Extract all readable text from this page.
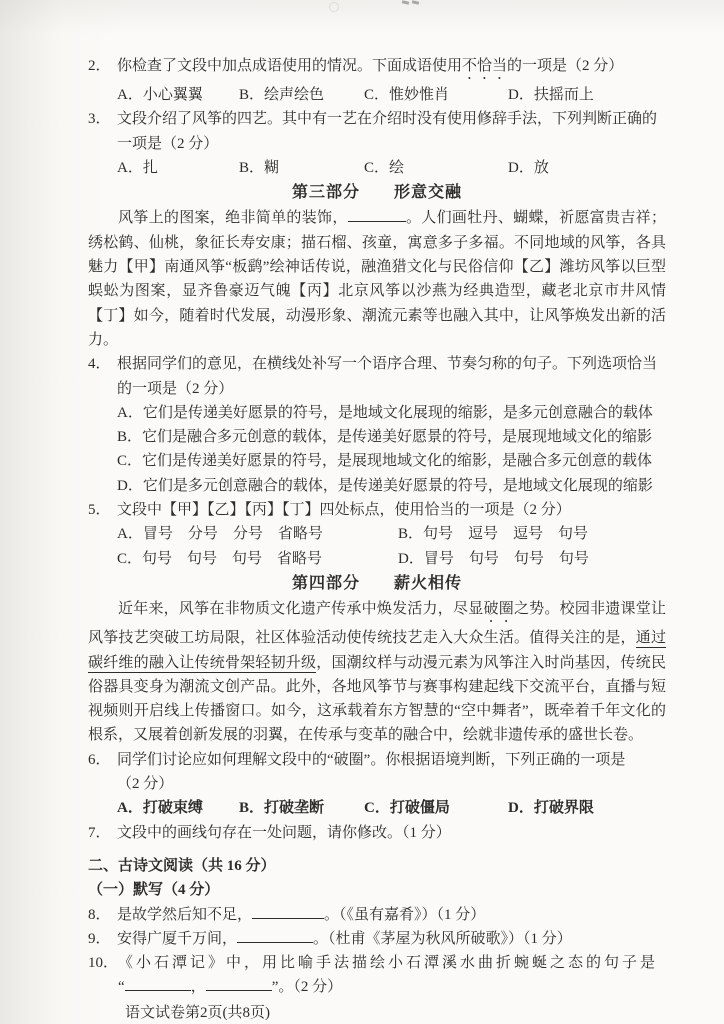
2． 你检查了文段中加点成语使用的情况。下面成语使用不恰当的一项是（2 分）
A．小心翼翼	B．绘声绘色	C．惟妙惟肖	D．扶摇而上
3． 文段介绍了风筝的四艺。其中有一艺在介绍时没有使用修辞手法，下列判断正确的
一项是（2 分）
A．扎	B．糊	C．绘	D．放
第三部分　　形意交融
风筝上的图案，绝非简单的装饰，	。人们画牡丹、蝴蝶，祈愿富贵吉祥；绣松鹤、仙桃，象征长寿安康；描石榴、孩童，寓意多子多福。不同地域的风筝，各具魅力【甲】南通风筝“板鹞”绘神话传说，融渔猎文化与民俗信仰【乙】潍坊风筝以巨型蜈蚣为图案，显齐鲁豪迈气魄【丙】北京风筝以沙燕为经典造型，藏老北京市井风情【丁】如今，随着时代发展，动漫形象、潮流元素等也融入其中，让风筝焕发出新的活力。
4． 根据同学们的意见，在横线处补写一个语序合理、节奏匀称的句子。下列选项恰当
的一项是（2 分）
A．它们是传递美好愿景的符号，是地域文化展现的缩影，是多元创意融合的载体
B．它们是融合多元创意的载体，是传递美好愿景的符号，是展现地域文化的缩影
C．它们是传递美好愿景的符号，是展现地域文化的缩影，是融合多元创意的载体
D．它们是多元创意融合的载体，是传递美好愿景的符号，是地域文化展现的缩影
5． 文段中【甲】【乙】【丙】【丁】四处标点，使用恰当的一项是（2 分）
A．冒号　分号　分号　省略号	B．句号　逗号　逗号　句号
C．句号　句号　句号　省略号	D．冒号　句号　句号　句号
第四部分　　薪火相传
近年来，风筝在非物质文化遗产传承中焕发活力，尽显破圈之势。校园非遗课堂让风筝技艺突破工坊局限，社区体验活动使传统技艺走入大众生活。值得关注的是，通过碳纤维的融入让传统骨架轻韧升级，国潮纹样与动漫元素为风筝注入时尚基因，传统民俗器具变身为潮流文创产品。此外，各地风筝节与赛事构建起线下交流平台，直播与短视频则开启线上传播窗口。如今，这承载着东方智慧的“空中舞者”，既牵着千年文化的根系，又展着创新发展的羽翼，在传承与变革的融合中，绘就非遗传承的盛世长卷。
6． 同学们讨论应如何理解文段中的“破圈”。你根据语境判断，下列正确的一项是
（2 分）
A．打破束缚	B．打破垄断	C．打破僵局	D．打破界限
7． 文段中的画线句存在一处问题，请你修改。（1 分）
二、古诗文阅读（共 16 分）
（一）默写（4 分）
8． 是故学然后知不足，	。（《虽有嘉肴》）（1 分）
9． 安得广厦千万间，	。（杜甫《茅屋为秋风所破歌》）（1 分）
10． 《小石潭记》中，用比喻手法描绘小石潭溪水曲折蜿蜒之态的句子是
“	，	”。（2 分）
语文试卷第2页(共8页)
